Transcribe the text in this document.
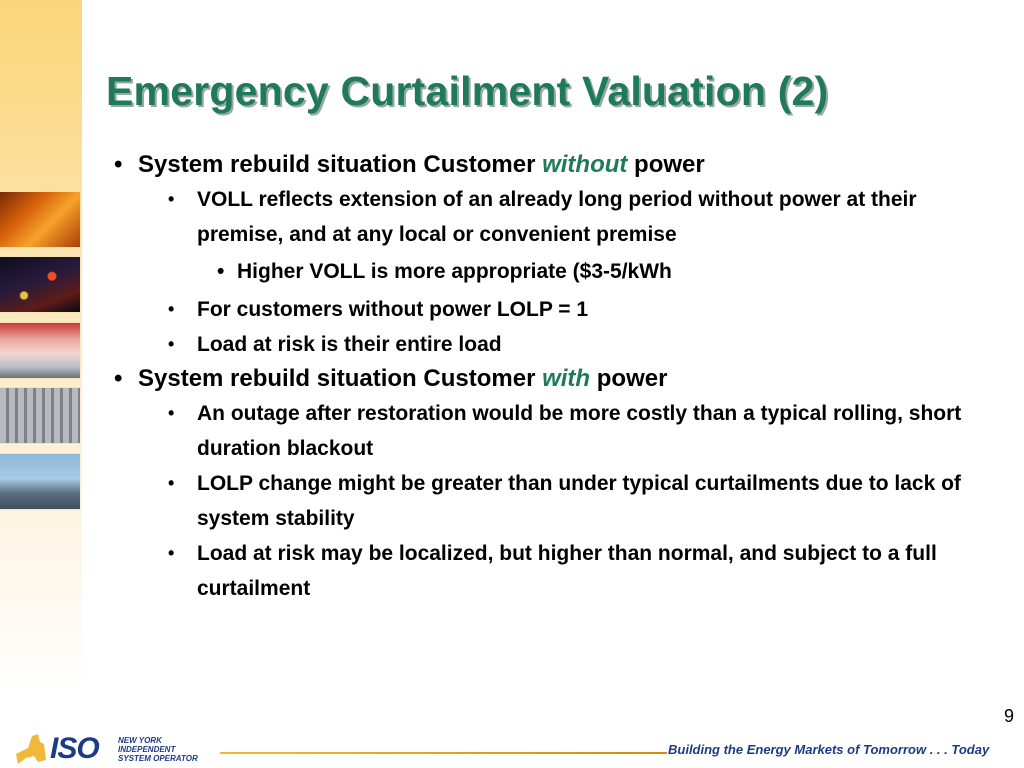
Emergency Curtailment Valuation (2)
• System rebuild situation Customer without power
• VOLL reflects extension of an already long period without power at their premise, and at any local or convenient premise
• Higher VOLL is more appropriate ($3-5/kWh
• For customers without power LOLP = 1
• Load at risk is their entire load
• System rebuild situation Customer with power
• An outage after restoration would be more costly than a typical rolling, short duration blackout
• LOLP change might be greater than under typical curtailments due to lack of system stability
• Load at risk may be localized, but higher than normal, and subject to a full curtailment
9
ISO NEW YORK
INDEPENDENT
SYSTEM OPERATOR
Building the Energy Markets of Tomorrow . . . Today
